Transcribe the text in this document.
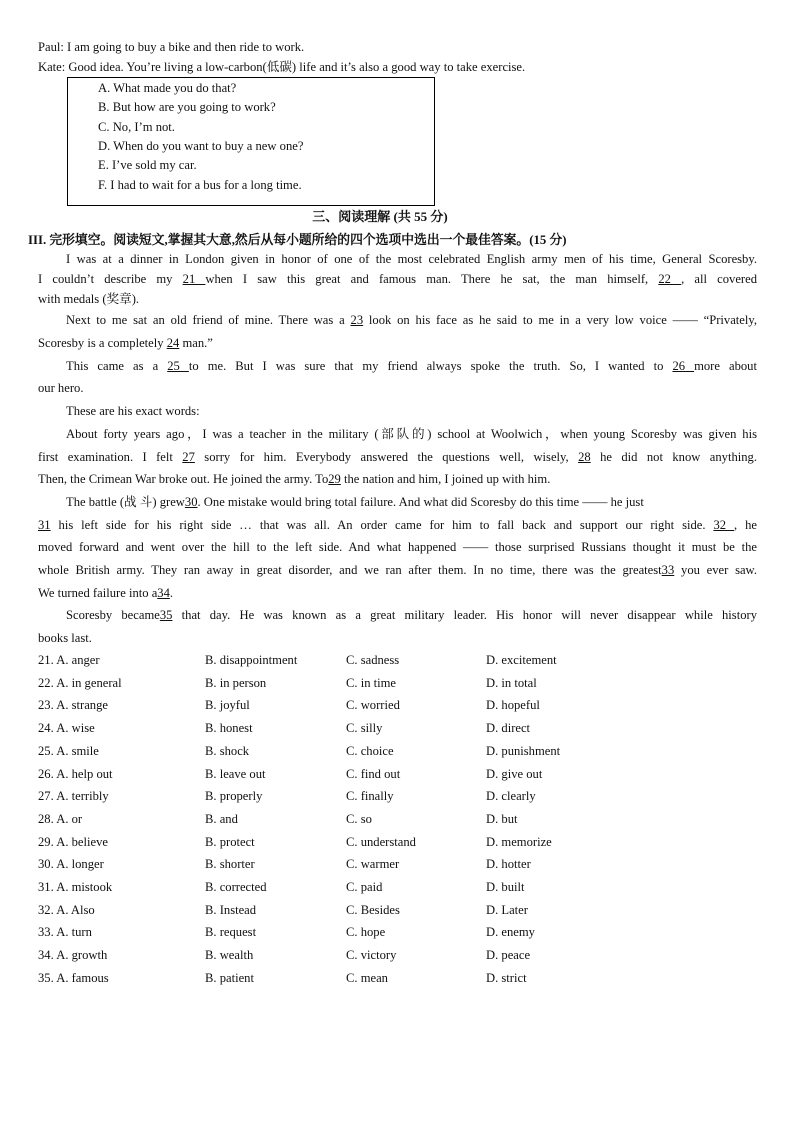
Paul: I am going to buy a bike and then ride to work.
Kate: Good idea. You’re living a low-carbon(低碳) life and it’s also a good way to take exercise.
A. What made you do that?
B. But how are you going to work?
C. No, I’m not.
D. When do you want to buy a new one?
E. I’ve sold my car.
F. I had to wait for a bus for a long time.
三、阅读理解 (共 55 分)
III. 完形填空。阅读短文,掌握其大意,然后从每小题所给的四个选项中选出一个最佳答案。(15 分)
I was at a dinner in London given in honor of one of the most celebrated English army men of his time, General Scoresby.
I couldn’t describe my 21 when I saw this great and famous man. There he sat, the man himself, 22 , all covered
with medals (奖章).
Next to me sat an old friend of mine. There was a 23 look on his face as he said to me in a very low voice —— “Privately,
Scoresby is a completely 24 man.”
This came as a 25 to me. But I was sure that my friend always spoke the truth. So, I wanted to 26 more about
our hero.
These are his exact words:
About forty years ago，I was a teacher in the military (部队的) school at Woolwich，when young Scoresby was given his
first examination. I felt 27 sorry for him. Everybody answered the questions well, wisely, 28 he did not know anything.
Then, the Crimean War broke out. He joined the army. To29 the nation and him, I joined up with him.
The battle (战 斗) grew30. One mistake would bring total failure. And what did Scoresby do this time —— he just
31 his left side for his right side … that was all. An order came for him to fall back and support our right side. 32 , he
moved forward and went over the hill to the left side. And what happened —— those surprised Russians thought it must be the
whole British army. They ran away in great disorder, and we ran after them. In no time, there was the greatest33 you ever saw.
We turned failure into a34.
Scoresby became35 that day. He was known as a great military leader. His honor will never disappear while history
books last.
21. A. anger	B. disappointment	C. sadness	D. excitement
22. A. in general	B. in person	C. in time	D. in total
23. A. strange	B. joyful	C. worried	D. hopeful
24. A. wise	B. honest	C. silly	D. direct
25. A. smile	B. shock	C. choice	D. punishment
26. A. help out	B. leave out	C. find out	D. give out
27. A. terribly	B. properly	C. finally	D. clearly
28. A. or	B. and	C. so	D. but
29. A. believe	B. protect	C. understand	D. memorize
30. A. longer	B. shorter	C. warmer	D. hotter
31. A. mistook	B. corrected	C. paid	D. built
32. A. Also	B. Instead	C. Besides	D. Later
33. A. turn	B. request	C. hope	D. enemy
34. A. growth	B. wealth	C. victory	D. peace
35. A. famous	B. patient	C. mean	D. strict
